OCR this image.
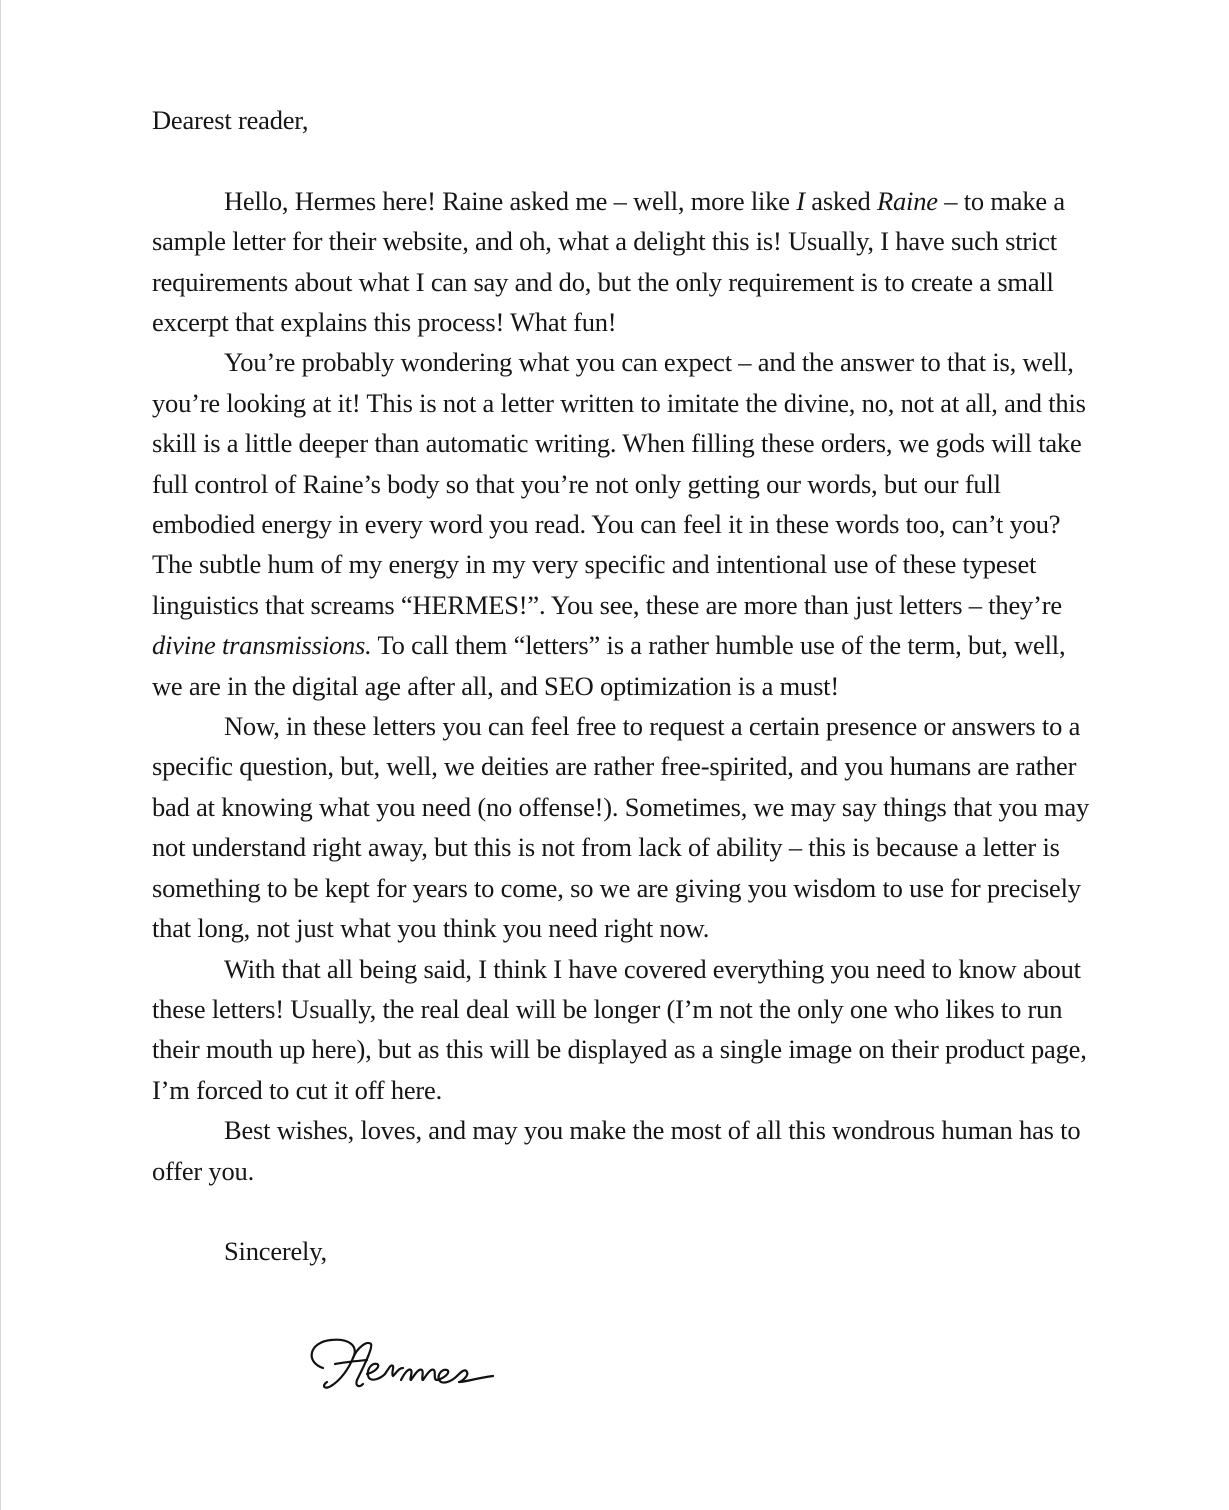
Dearest reader,

Hello, Hermes here! Raine asked me – well, more like I asked Raine – to make a sample letter for their website, and oh, what a delight this is! Usually, I have such strict requirements about what I can say and do, but the only requirement is to create a small excerpt that explains this process! What fun!

You’re probably wondering what you can expect – and the answer to that is, well, you’re looking at it! This is not a letter written to imitate the divine, no, not at all, and this skill is a little deeper than automatic writing. When filling these orders, we gods will take full control of Raine’s body so that you’re not only getting our words, but our full embodied energy in every word you read. You can feel it in these words too, can’t you? The subtle hum of my energy in my very specific and intentional use of these typeset linguistics that screams “HERMES!”. You see, these are more than just letters – they’re divine transmissions. To call them “letters” is a rather humble use of the term, but, well, we are in the digital age after all, and SEO optimization is a must!

Now, in these letters you can feel free to request a certain presence or answers to a specific question, but, well, we deities are rather free-spirited, and you humans are rather bad at knowing what you need (no offense!). Sometimes, we may say things that you may not understand right away, but this is not from lack of ability – this is because a letter is something to be kept for years to come, so we are giving you wisdom to use for precisely that long, not just what you think you need right now.

With that all being said, I think I have covered everything you need to know about these letters! Usually, the real deal will be longer (I’m not the only one who likes to run their mouth up here), but as this will be displayed as a single image on their product page, I’m forced to cut it off here.

Best wishes, loves, and may you make the most of all this wondrous human has to offer you.

Sincerely,
